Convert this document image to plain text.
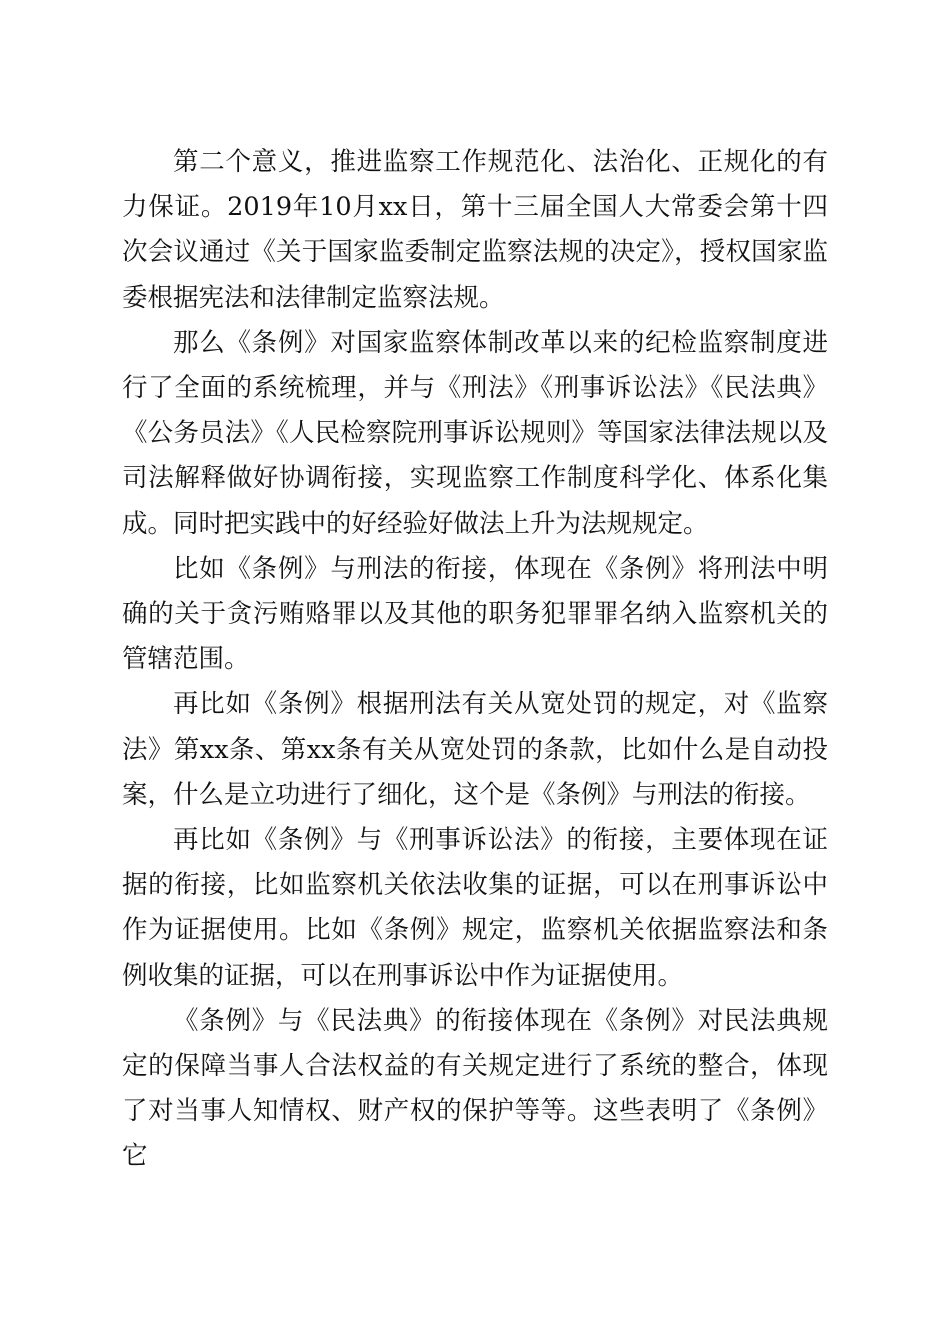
第二个意义，推进监察工作规范化、法治化、正规化的有力保证。2019年10月xx日，第十三届全国人大常委会第十四次会议通过《关于国家监委制定监察法规的决定》，授权国家监委根据宪法和法律制定监察法规。

那么《条例》对国家监察体制改革以来的纪检监察制度进行了全面的系统梳理，并与《刑法》《刑事诉讼法》《民法典》《公务员法》《人民检察院刑事诉讼规则》等国家法律法规以及司法解释做好协调衔接，实现监察工作制度科学化、体系化集成。同时把实践中的好经验好做法上升为法规规定。

比如《条例》与刑法的衔接，体现在《条例》将刑法中明确的关于贪污贿赂罪以及其他的职务犯罪罪名纳入监察机关的管辖范围。

再比如《条例》根据刑法有关从宽处罚的规定，对《监察法》第xx条、第xx条有关从宽处罚的条款，比如什么是自动投案，什么是立功进行了细化，这个是《条例》与刑法的衔接。

再比如《条例》与《刑事诉讼法》的衔接，主要体现在证据的衔接，比如监察机关依法收集的证据，可以在刑事诉讼中作为证据使用。比如《条例》规定，监察机关依据监察法和条例收集的证据，可以在刑事诉讼中作为证据使用。

《条例》与《民法典》的衔接体现在《条例》对民法典规定的保障当事人合法权益的有关规定进行了系统的整合，体现了对当事人知情权、财产权的保护等等。这些表明了《条例》它
